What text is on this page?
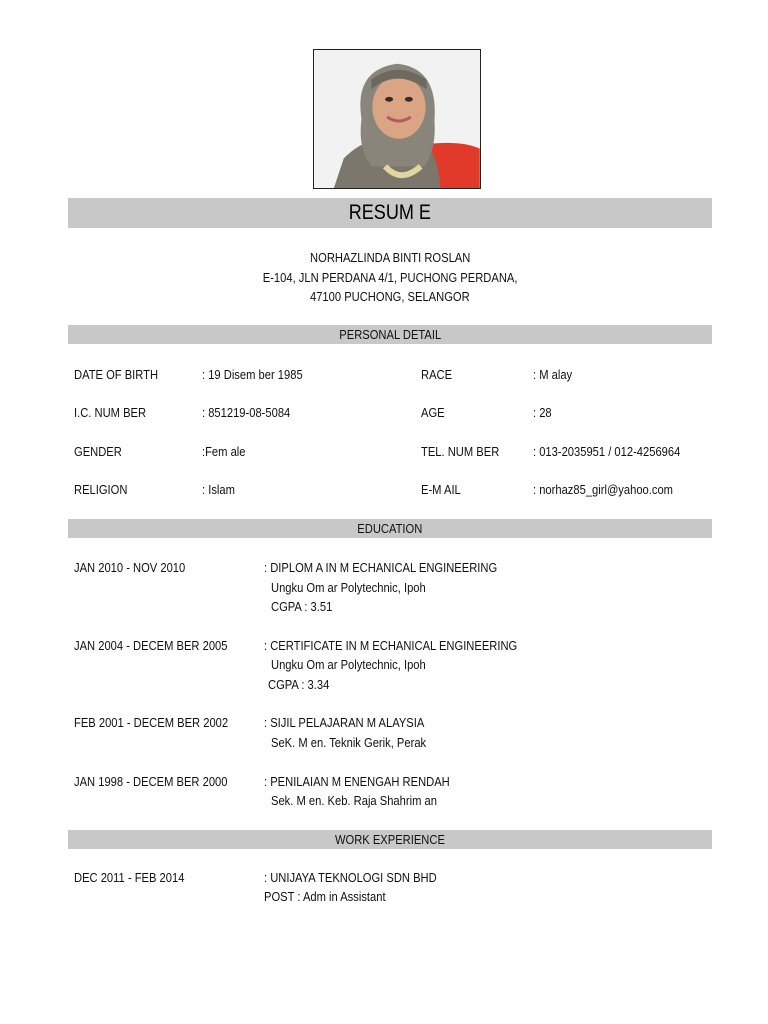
RESUM E
NORHAZLINDA BINTI ROSLAN
E-104, JLN PERDANA 4/1, PUCHONG PERDANA,
47100 PUCHONG, SELANGOR
PERSONAL DETAIL
DATE OF BIRTH	: 19 Disem ber 1985	RACE	: M alay
I.C. NUM BER	: 851219-08-5084	AGE	: 28
GENDER	:Fem ale	TEL. NUM BER	: 013-2035951 / 012-4256964
RELIGION	: Islam	E-M AIL	: norhaz85_girl@yahoo.com
EDUCATION
JAN 2010 - NOV 2010	: DIPLOM A IN M ECHANICAL ENGINEERING
Ungku Om ar Polytechnic, Ipoh
CGPA : 3.51
JAN 2004 - DECEM BER 2005	: CERTIFICATE IN M ECHANICAL ENGINEERING
Ungku Om ar Polytechnic, Ipoh
CGPA : 3.34
FEB 2001 - DECEM BER 2002	: SIJIL PELAJARAN M ALAYSIA
SeK. M en. Teknik Gerik, Perak
JAN 1998 - DECEM BER 2000	: PENILAIAN M ENENGAH RENDAH
Sek. M en. Keb. Raja Shahrim an
WORK EXPERIENCE
DEC 2011 - FEB 2014	: UNIJAYA TEKNOLOGI SDN BHD
POST : Adm in Assistant
